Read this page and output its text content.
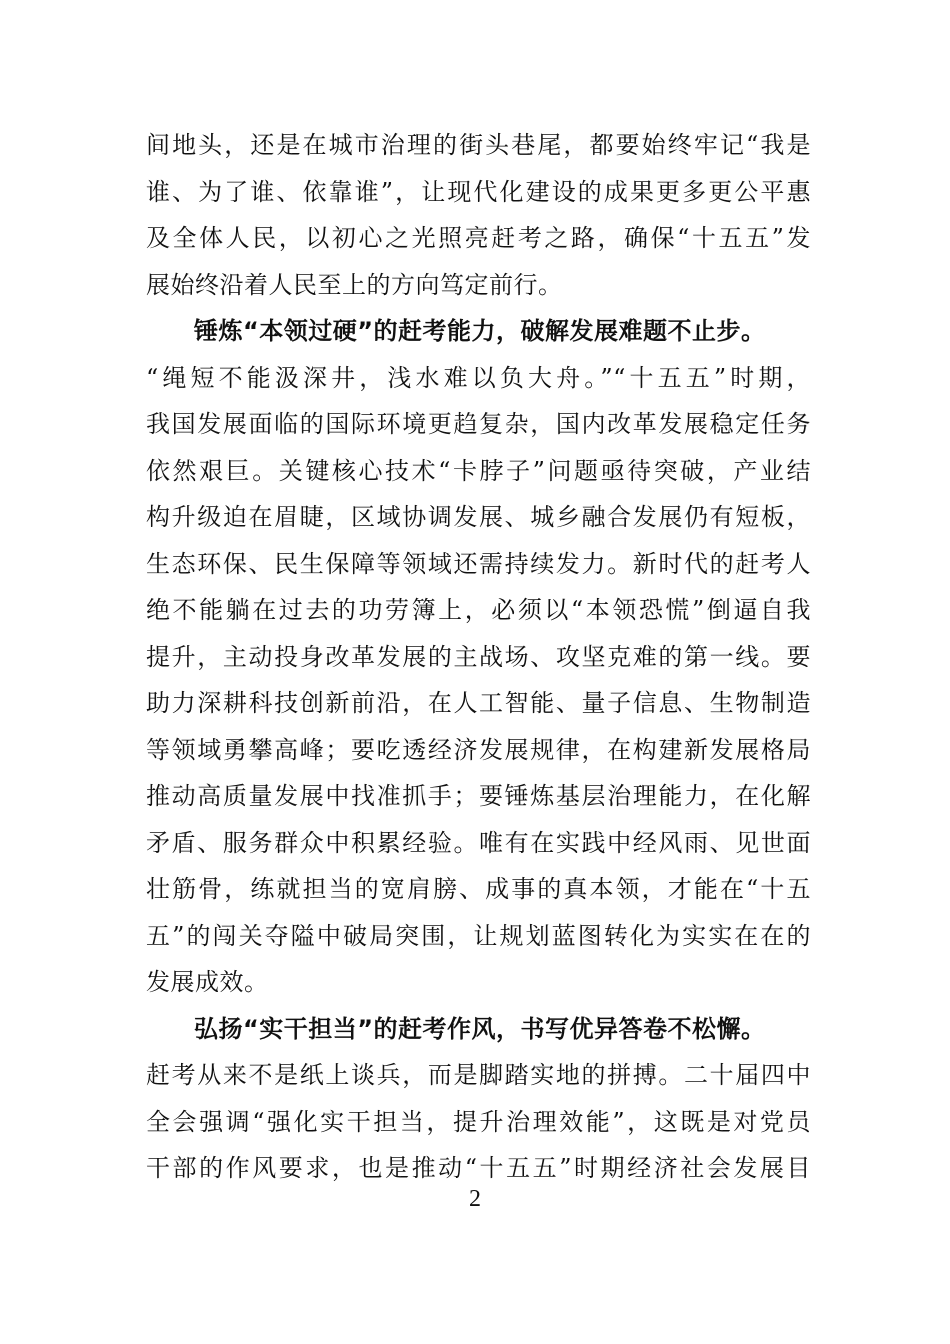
间地头，还是在城市治理的街头巷尾，都要始终牢记“我是
谁、为了谁、依靠谁”，让现代化建设的成果更多更公平惠
及全体人民，以初心之光照亮赶考之路，确保“十五五”发
展始终沿着人民至上的方向笃定前行。
锤炼“本领过硬”的赶考能力，破解发展难题不止步。
“绳短不能汲深井，浅水难以负大舟。”“十五五”时期，
我国发展面临的国际环境更趋复杂，国内改革发展稳定任务
依然艰巨。关键核心技术“卡脖子”问题亟待突破，产业结
构升级迫在眉睫，区域协调发展、城乡融合发展仍有短板，
生态环保、民生保障等领域还需持续发力。新时代的赶考人
绝不能躺在过去的功劳簿上，必须以“本领恐慌”倒逼自我
提升，主动投身改革发展的主战场、攻坚克难的第一线。要
助力深耕科技创新前沿，在人工智能、量子信息、生物制造
等领域勇攀高峰；要吃透经济发展规律，在构建新发展格局
推动高质量发展中找准抓手；要锤炼基层治理能力，在化解
矛盾、服务群众中积累经验。唯有在实践中经风雨、见世面
壮筋骨，练就担当的宽肩膀、成事的真本领，才能在“十五
五”的闯关夺隘中破局突围，让规划蓝图转化为实实在在的
发展成效。
弘扬“实干担当”的赶考作风，书写优异答卷不松懈。
赶考从来不是纸上谈兵，而是脚踏实地的拼搏。二十届四中
全会强调“强化实干担当，提升治理效能”，这既是对党员
干部的作风要求，也是推动“十五五”时期经济社会发展目
2
